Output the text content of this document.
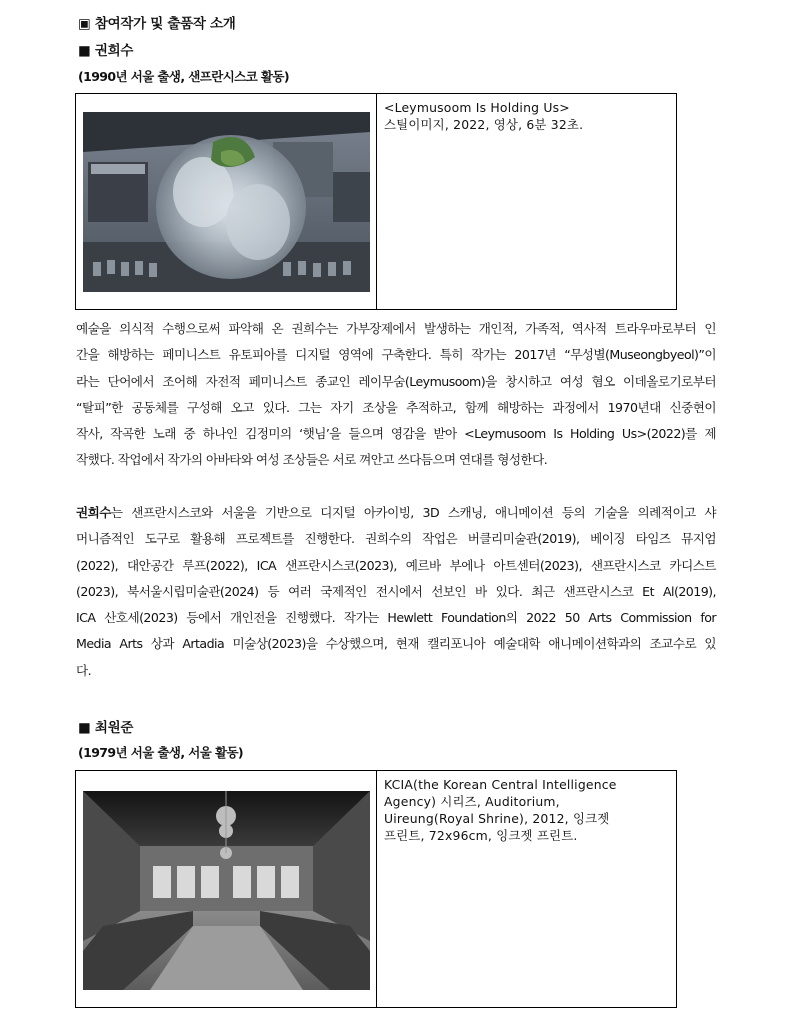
▣ 참여작가 및 출품작 소개
■ 권희수
(1990년 서울 출생, 샌프란시스코 활동)
<Leymusoom Is Holding Us>
스틸이미지, 2022, 영상, 6분 32초.
예술을 의식적 수행으로써 파악해 온 권희수는 가부장제에서 발생하는 개인적, 가족적, 역사적 트라우마로부터 인
간을 해방하는 페미니스트 유토피아를 디지털 영역에 구축한다. 특히 작가는 2017년 “무성별(Museongbyeol)”이
라는 단어에서 조어해 자전적 페미니스트 종교인 레이무숨(Leymusoom)을 창시하고 여성 혐오 이데올로기로부터
“탈피”한 공동체를 구성해 오고 있다. 그는 자기 조상을 추적하고, 함께 해방하는 과정에서 1970년대 신중현이
작사, 작곡한 노래 중 하나인 김정미의 ‘햇님’을 들으며 영감을 받아 <Leymusoom Is Holding Us>(2022)를 제
작했다. 작업에서 작가의 아바타와 여성 조상들은 서로 껴안고 쓰다듬으며 연대를 형성한다.
권희수는 샌프란시스코와 서울을 기반으로 디지털 아카이빙, 3D 스캐닝, 애니메이션 등의 기술을 의례적이고 샤
머니즘적인 도구로 활용해 프로젝트를 진행한다. 권희수의 작업은 버클리미술관(2019), 베이징 타임즈 뮤지엄
(2022), 대안공간 루프(2022), ICA 샌프란시스코(2023), 예르바 부에나 아트센터(2023), 샌프란시스코 카디스트
(2023), 북서울시립미술관(2024) 등 여러 국제적인 전시에서 선보인 바 있다. 최근 샌프란시스코 Et Al(2019),
ICA 산호세(2023) 등에서 개인전을 진행했다. 작가는 Hewlett Foundation의 2022 50 Arts Commission for
Media Arts 상과 Artadia 미술상(2023)을 수상했으며, 현재 캘리포니아 예술대학 애니메이션학과의 조교수로 있
다.
■ 최원준
(1979년 서울 출생, 서울 활동)
KCIA(the Korean Central Intelligence
Agency) 시리즈, Auditorium,
Uireung(Royal Shrine), 2012, 잉크젯
프린트, 72x96cm, 잉크젯 프린트.
